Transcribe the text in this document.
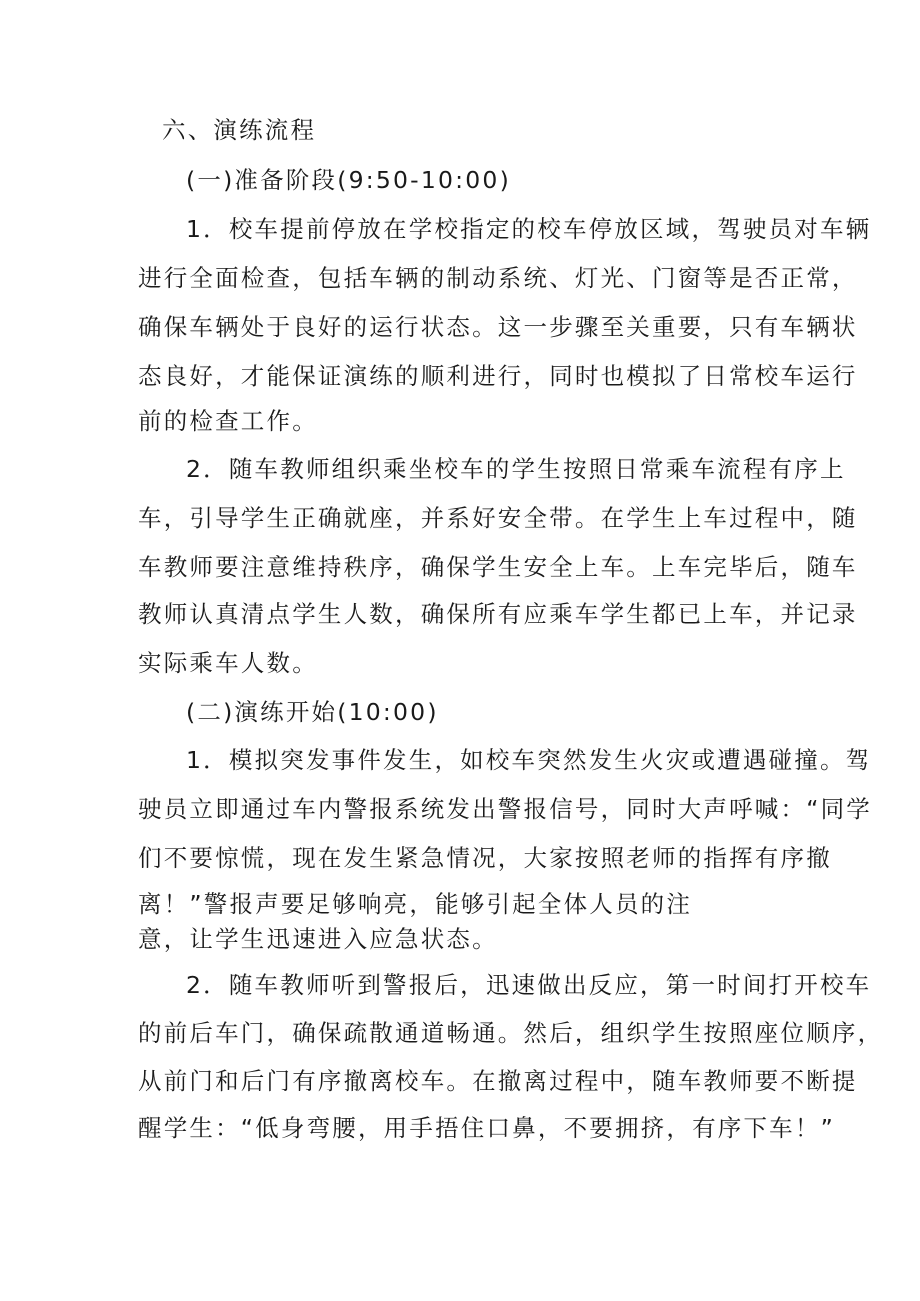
六、演练流程
(一)准备阶段(9:50-10:00)
1．校车提前停放在学校指定的校车停放区域，驾驶员对车辆
进行全面检查，包括车辆的制动系统、灯光、门窗等是否正常，
确保车辆处于良好的运行状态。这一步骤至关重要，只有车辆状
态良好，才能保证演练的顺利进行，同时也模拟了日常校车运行
前的检查工作。
2．随车教师组织乘坐校车的学生按照日常乘车流程有序上
车，引导学生正确就座，并系好安全带。在学生上车过程中，随
车教师要注意维持秩序，确保学生安全上车。上车完毕后，随车
教师认真清点学生人数，确保所有应乘车学生都已上车，并记录
实际乘车人数。
(二)演练开始(10:00)
1．模拟突发事件发生，如校车突然发生火灾或遭遇碰撞。驾
驶员立即通过车内警报系统发出警报信号，同时大声呼喊：“同学
们不要惊慌，现在发生紧急情况，大家按照老师的指挥有序撤
离！”警报声要足够响亮，能够引起全体人员的注
意，让学生迅速进入应急状态。
2．随车教师听到警报后，迅速做出反应，第一时间打开校车
的前后车门，确保疏散通道畅通。然后，组织学生按照座位顺序，
从前门和后门有序撤离校车。在撤离过程中，随车教师要不断提
醒学生：“低身弯腰，用手捂住口鼻，不要拥挤，有序下车！”
